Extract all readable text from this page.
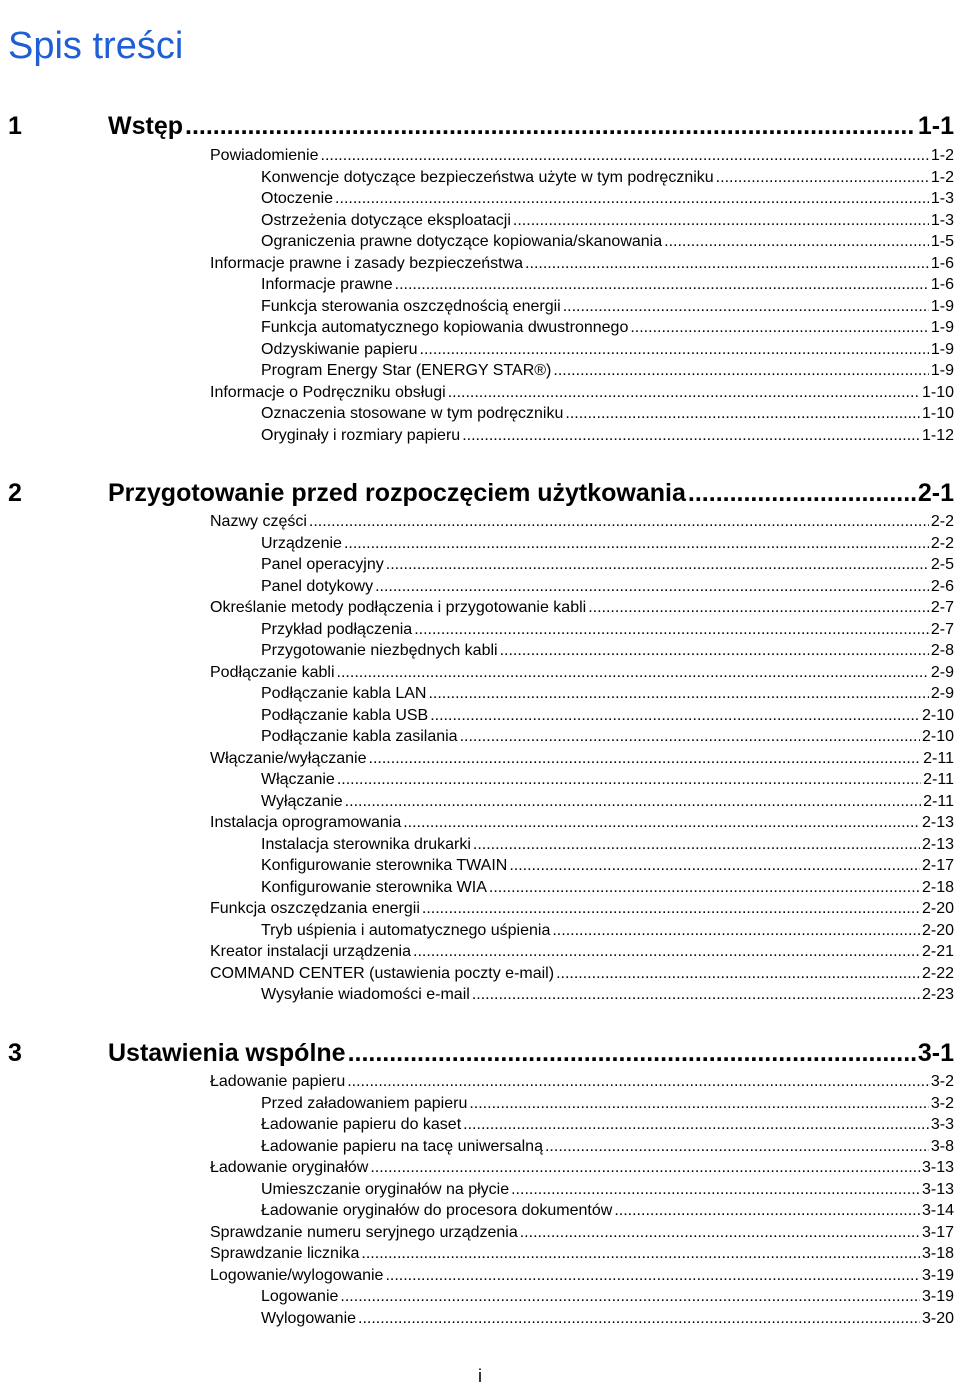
Spis treści
1	Wstęp .....	1-1
Powiadomienie .....	1-2
Konwencje dotyczące bezpieczeństwa użyte w tym podręczniku .....	1-2
Otoczenie .....	1-3
Ostrzeżenia dotyczące eksploatacji .....	1-3
Ograniczenia prawne dotyczące kopiowania/skanowania .....	1-5
Informacje prawne i zasady bezpieczeństwa .....	1-6
Informacje prawne .....	1-6
Funkcja sterowania oszczędnością energii .....	1-9
Funkcja automatycznego kopiowania dwustronnego .....	1-9
Odzyskiwanie papieru .....	1-9
Program Energy Star (ENERGY STAR®) .....	1-9
Informacje o Podręczniku obsługi .....	1-10
Oznaczenia stosowane w tym podręczniku .....	1-10
Oryginały i rozmiary papieru .....	1-12
2	Przygotowanie przed rozpoczęciem użytkowania .....	2-1
Nazwy części .....	2-2
Urządzenie .....	2-2
Panel operacyjny .....	2-5
Panel dotykowy .....	2-6
Określanie metody podłączenia i przygotowanie kabli .....	2-7
Przykład podłączenia .....	2-7
Przygotowanie niezbędnych kabli .....	2-8
Podłączanie kabli .....	2-9
Podłączanie kabla LAN .....	2-9
Podłączanie kabla USB .....	2-10
Podłączanie kabla zasilania .....	2-10
Włączanie/wyłączanie .....	2-11
Włączanie .....	2-11
Wyłączanie .....	2-11
Instalacja oprogramowania .....	2-13
Instalacja sterownika drukarki .....	2-13
Konfigurowanie sterownika TWAIN .....	2-17
Konfigurowanie sterownika WIA .....	2-18
Funkcja oszczędzania energii .....	2-20
Tryb uśpienia i automatycznego uśpienia .....	2-20
Kreator instalacji urządzenia .....	2-21
COMMAND CENTER (ustawienia poczty e-mail) .....	2-22
Wysyłanie wiadomości e-mail .....	2-23
3	Ustawienia wspólne .....	3-1
Ładowanie papieru .....	3-2
Przed załadowaniem papieru .....	3-2
Ładowanie papieru do kaset .....	3-3
Ładowanie papieru na tacę uniwersalną .....	3-8
Ładowanie oryginałów .....	3-13
Umieszczanie oryginałów na płycie .....	3-13
Ładowanie oryginałów do procesora dokumentów .....	3-14
Sprawdzanie numeru seryjnego urządzenia .....	3-17
Sprawdzanie licznika .....	3-18
Logowanie/wylogowanie .....	3-19
Logowanie .....	3-19
Wylogowanie .....	3-20
i
